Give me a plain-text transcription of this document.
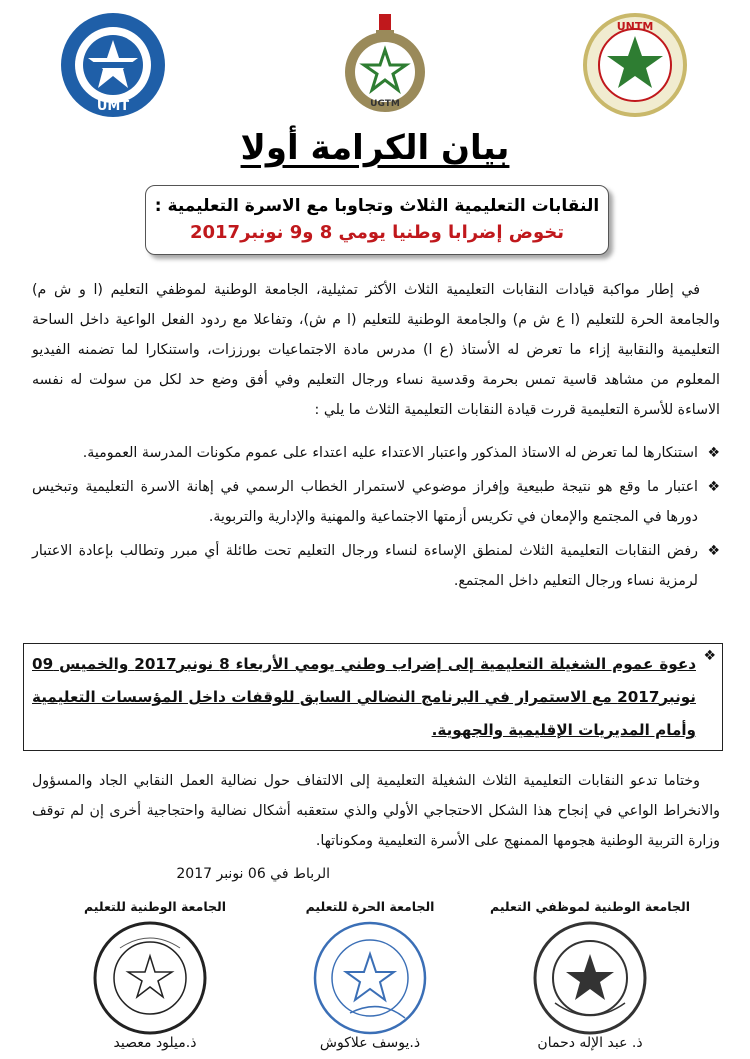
UMT	UGTM
UNTM
بيان الكرامة أولا
النقابات التعليمية الثلاث وتجاوبا مع الاسرة التعليمية :
تخوض إضرابا وطنيا يومي 8 و9 نونبر2017

في إطار مواكبة قيادات النقابات التعليمية الثلاث الأكثر تمثيلية، الجامعة الوطنية لموظفي التعليم (ا و ش م) والجامعة الحرة للتعليم (ا ع ش م) والجامعة الوطنية للتعليم (ا م ش)، وتفاعلا مع ردود الفعل الواعية داخل الساحة التعليمية والنقابية إزاء ما تعرض له الأستاذ (ع ا) مدرس مادة الاجتماعيات بورززات، واستنكارا لما تضمنه الفيديو المعلوم من مشاهد قاسية تمس بحرمة وقدسية نساء ورجال التعليم وفي أفق وضع حد لكل من سولت له نفسه الاساءة للأسرة التعليمية قررت قيادة النقابات التعليمية الثلاث ما يلي :

❖
استنكارها لما تعرض له الاستاذ المذكور واعتبار الاعتداء عليه اعتداء على عموم مكونات المدرسة العمومية.
❖
اعتبار ما وقع هو نتيجة طبيعية وإفراز موضوعي لاستمرار الخطاب الرسمي في إهانة الاسرة التعليمية وتبخيس دورها في المجتمع والإمعان في تكريس أزمتها الاجتماعية والمهنية والإدارية والتربوية.
❖
رفض النقابات التعليمية الثلاث لمنطق الإساءة لنساء ورجال التعليم تحت طائلة أي مبرر وتطالب بإعادة الاعتبار لرمزية نساء ورجال التعليم داخل المجتمع.
❖

دعوة عموم الشغيلة التعليمية إلى إضراب وطني يومي الأربعاء 8 نونبر2017 والخميس 09 نونبر2017 مع الاستمرار في البرنامج النضالي السابق للوقفات داخل المؤسسات التعليمية وأمام المديريات الإقليمية والجهوية.

وختاما تدعو النقابات التعليمية الثلاث الشغيلة التعليمية إلى الالتفاف حول نضالية العمل النقابي الجاد والمسؤول والانخراط الواعي في إنجاح هذا الشكل الاحتجاجي الأولي والذي ستعقبه أشكال نضالية واحتجاجية أخرى إن لم توقف وزارة التربية الوطنية هجومها الممنهج على الأسرة التعليمية ومكوناتها.

الرباط في 06 نونبر 2017
الجامعة الوطنية للتعليم	الجامعة الحرة للتعليم	الجامعة الوطنية لموظفي التعليم
ذ.ميلود معصيد	ذ.يوسف علاكوش	ذ. عبد الإله دحمان
